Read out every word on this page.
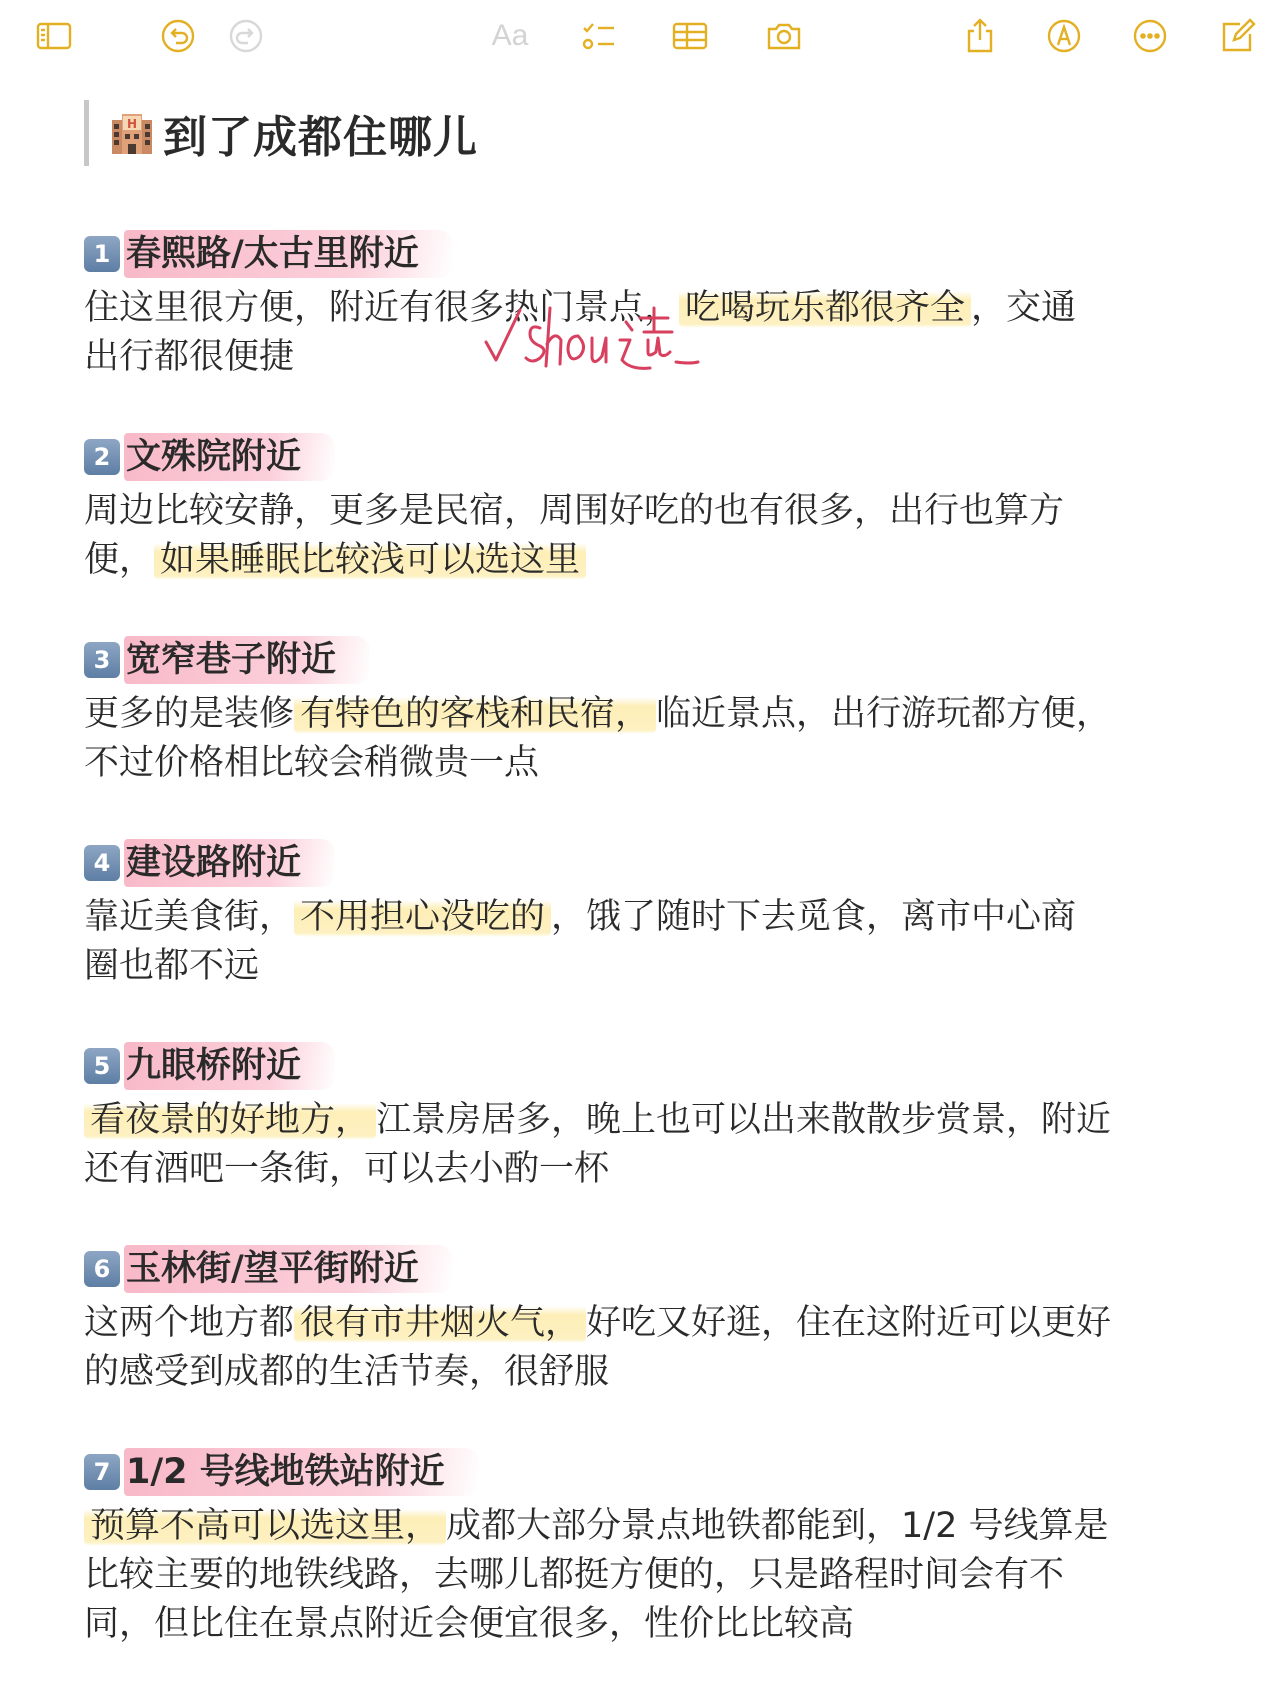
Aa
H 到了成都住哪儿
1 春熙路/太古里附近
住这里很方便，附近有很多热门景点， 吃喝玩乐都很齐全 ，交通
出行都很便捷
2 文殊院附近
周边比较安静，更多是民宿，周围好吃的也有很多，出行也算方
便， 如果睡眠比较浅可以选这里
3 宽窄巷子附近
更多的是装修 有特色的客栈和民宿， 临近景点，出行游玩都方便，
不过价格相比较会稍微贵一点
4 建设路附近
靠近美食街， 不用担心没吃的 ，饿了随时下去觅食，离市中心商
圈也都不远
5 九眼桥附近
看夜景的好地方， 江景房居多，晚上也可以出来散散步赏景，附近
还有酒吧一条街，可以去小酌一杯
6 玉林街/望平街附近
这两个地方都 很有市井烟火气， 好吃又好逛，住在这附近可以更好
的感受到成都的生活节奏，很舒服
7 1/2 号线地铁站附近
预算不高可以选这里， 成都大部分景点地铁都能到，1/2 号线算是
比较主要的地铁线路，去哪儿都挺方便的，只是路程时间会有不
同，但比住在景点附近会便宜很多，性价比比较高
